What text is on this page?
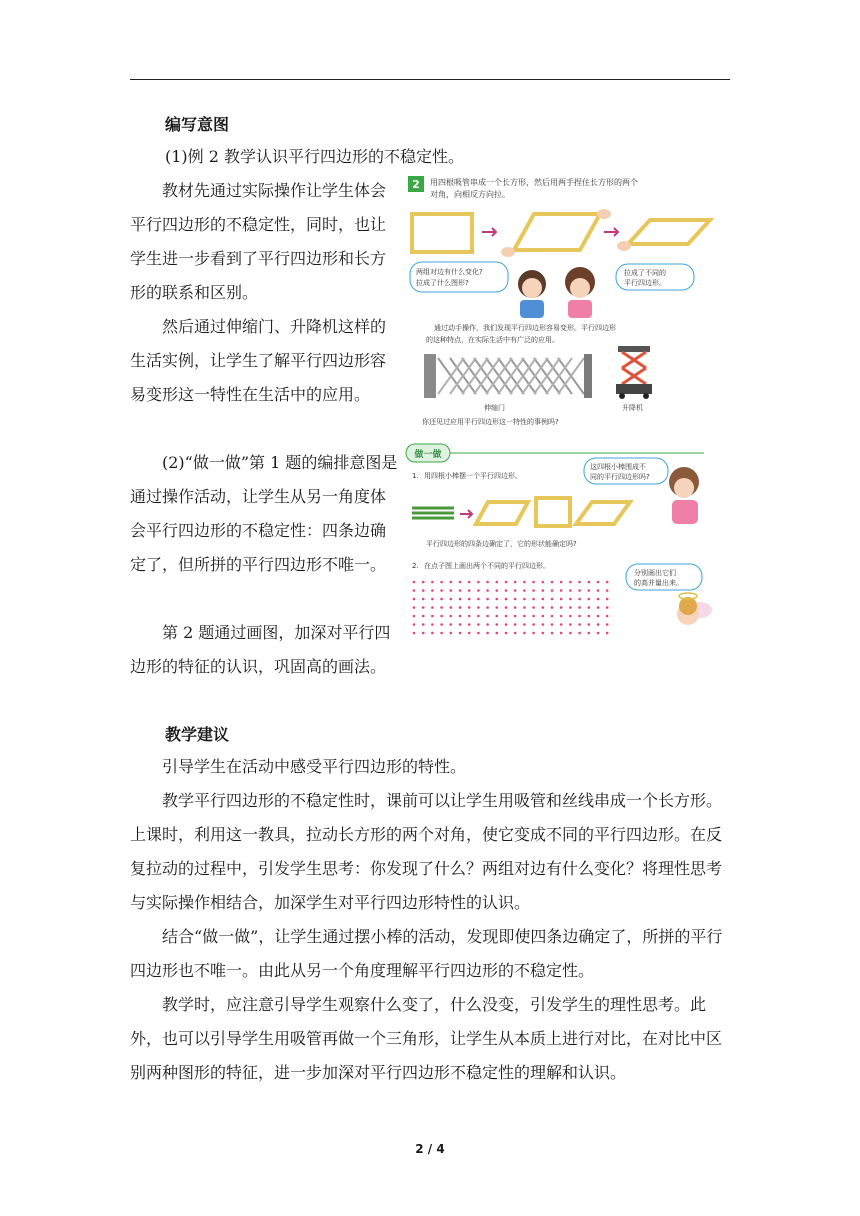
编写意图

(1)例 2 教学认识平行四边形的不稳定性。

教材先通过实际操作让学生体会平行四边形的不稳定性，同时，也让学生进一步看到了平行四边形和长方形的联系和区别。

然后通过伸缩门、升降机这样的生活实例，让学生了解平行四边形容易变形这一特性在生活中的应用。

(2)“做一做”第 1 题的编排意图是通过操作活动，让学生从另一角度体会平行四边形的不稳定性：四条边确定了，但所拼的平行四边形不唯一。

第 2 题通过画图，加深对平行四边形的特征的认识，巩固高的画法。

教学建议

引导学生在活动中感受平行四边形的特性。

教学平行四边形的不稳定性时，课前可以让学生用吸管和丝线串成一个长方形。上课时，利用这一教具，拉动长方形的两个对角，使它变成不同的平行四边形。在反复拉动的过程中，引发学生思考：你发现了什么？两组对边有什么变化？将理性思考与实际操作相结合，加深学生对平行四边形特性的认识。

结合“做一做”，让学生通过摆小棒的活动，发现即使四条边确定了，所拼的平行四边形也不唯一。由此从另一个角度理解平行四边形的不稳定性。

教学时，应注意引导学生观察什么变了，什么没变，引发学生的理性思考。此外，也可以引导学生用吸管再做一个三角形，让学生从本质上进行对比，在对比中区别两种图形的特征，进一步加深对平行四边形不稳定性的理解和认识。

2 / 4
2 用四根吸管串成一个长方形，然后用两手捏住长方形的两个
对角，向相反方向拉。
两组对边有什么变化?
拉成了什么图形?
拉成了不同的
平行四边形。
通过动手操作，我们发现平行四边形容易变形。平行四边形
的这种特点，在实际生活中有广泛的应用。
伸缩门	升降机
你还见过应用平行四边形这一特性的事例吗?
做一做
1. 用四根小棒摆一个平行四边形。
这四根小棒围成不
同的平行四边形吗?
平行四边形的四条边确定了，它的形状能确定吗?
2. 在点子图上画出两个不同的平行四边形。
分别画出它们
的高并量出来。
